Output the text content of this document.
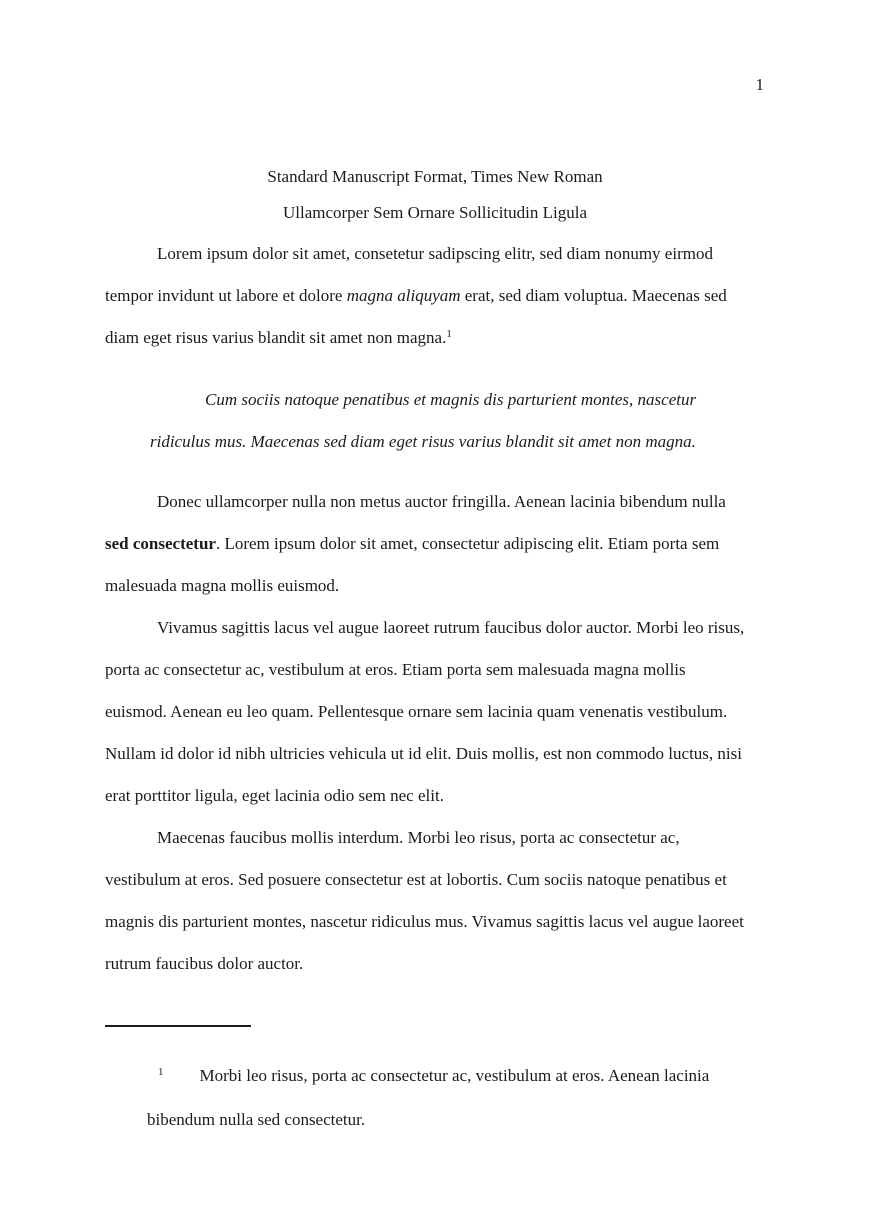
1
Standard Manuscript Format, Times New Roman
Ullamcorper Sem Ornare Sollicitudin Ligula
Lorem ipsum dolor sit amet, consetetur sadipscing elitr, sed diam nonumy eirmod
tempor invidunt ut labore et dolore magna aliquyam erat, sed diam voluptua. Maecenas sed
diam eget risus varius blandit sit amet non magna.$^1$
Cum sociis natoque penatibus et magnis dis parturient montes, nascetur
ridiculus mus. Maecenas sed diam eget risus varius blandit sit amet non magna.
Donec ullamcorper nulla non metus auctor fringilla. Aenean lacinia bibendum nulla
sed consectetur. Lorem ipsum dolor sit amet, consectetur adipiscing elit. Etiam porta sem
malesuada magna mollis euismod.
Vivamus sagittis lacus vel augue laoreet rutrum faucibus dolor auctor. Morbi leo risus,
porta ac consectetur ac, vestibulum at eros. Etiam porta sem malesuada magna mollis
euismod. Aenean eu leo quam. Pellentesque ornare sem lacinia quam venenatis vestibulum.
Nullam id dolor id nibh ultricies vehicula ut id elit. Duis mollis, est non commodo luctus, nisi
erat porttitor ligula, eget lacinia odio sem nec elit.
Maecenas faucibus mollis interdum. Morbi leo risus, porta ac consectetur ac,
vestibulum at eros. Sed posuere consectetur est at lobortis. Cum sociis natoque penatibus et
magnis dis parturient montes, nascetur ridiculus mus. Vivamus sagittis lacus vel augue laoreet
rutrum faucibus dolor auctor.
$^1$ Morbi leo risus, porta ac consectetur ac, vestibulum at eros. Aenean lacinia
bibendum nulla sed consectetur.
